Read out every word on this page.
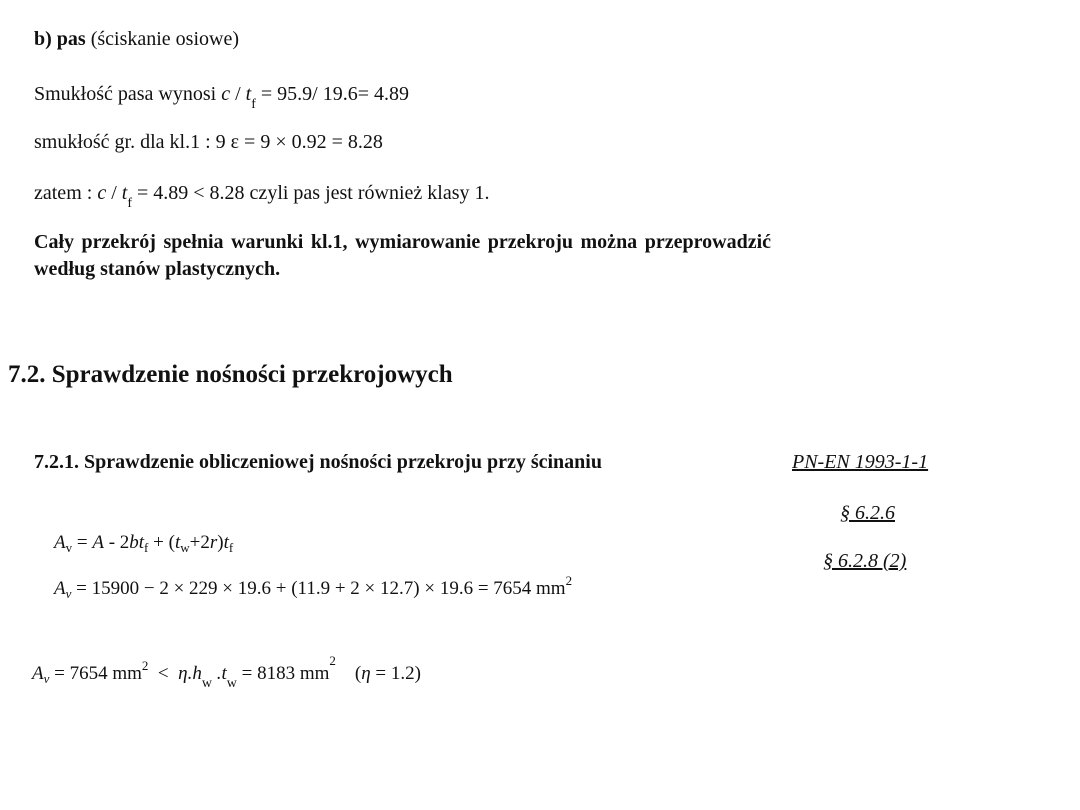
b) pas (ściskanie osiowe)
Smukłość pasa wynosi $c / t_f = 95.9/$ 19.6= 4.89
smukłość gr. dla kl.1 : 9 ε = 9 × 0.92 = 8.28
zatem : $c / t_f = 4.89 < 8.28$ czyli pas jest również klasy 1.
Cały przekrój spełnia warunki kl.1, wymiarowanie przekroju można przeprowadzić według stanów plastycznych.
7.2. Sprawdzenie nośności przekrojowych
7.2.1. Sprawdzenie obliczeniowej nośności przekroju przy ścinaniu	PN-EN 1993-1-1
§ 6.2.6
§ 6.2.8 (2)
$A_v = A - 2bt_f + (t_w+2r)t_f$
$A_v = 15900 - 2 \times 229 \times 19.6 + (11.9 + 2 \times 12.7) \times 19.6 = 7654$ $mm^2$
$A_v = 7654$ $mm^2 < \eta.h_w$ $.t_w = 8183$ $mm^2$    (η = 1.2)
